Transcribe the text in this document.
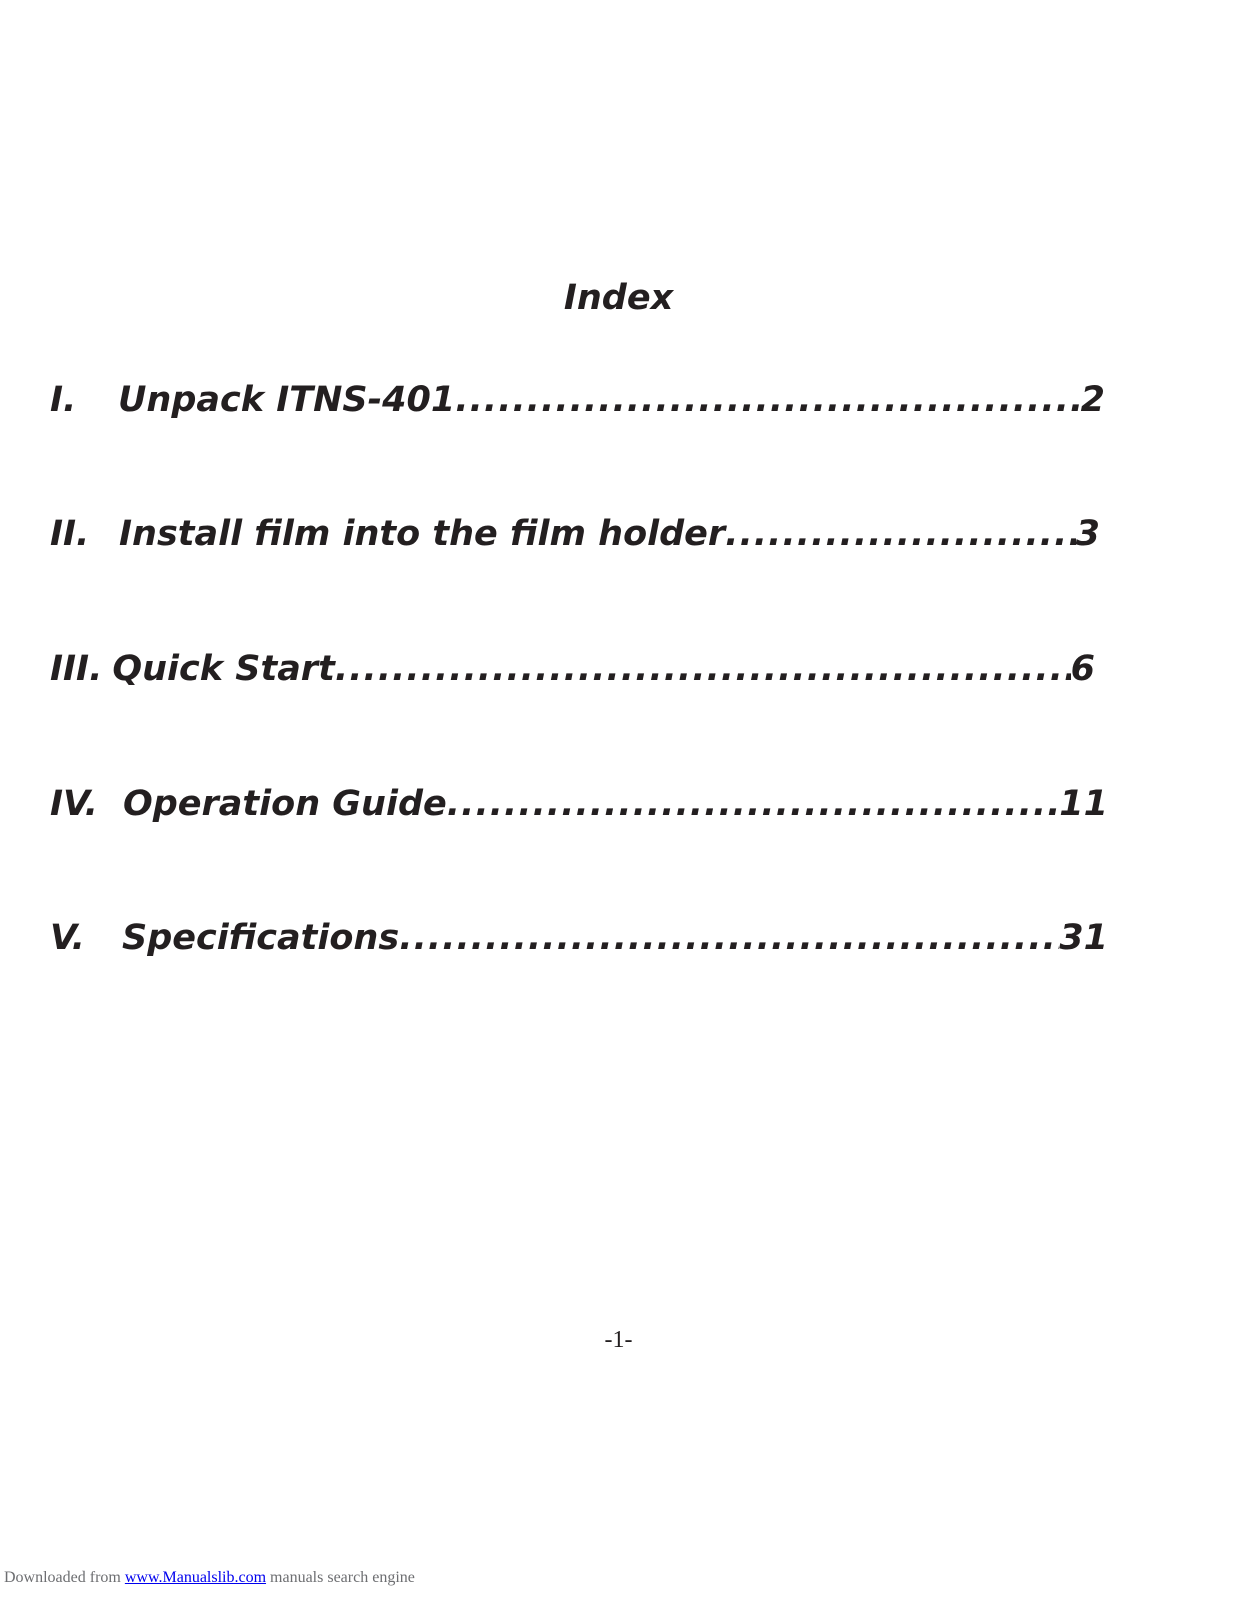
Index
I.	Unpack ITNS-401 .....	2
II. Install film into the film holder .....	3
III. Quick Start .....	6
IV. Operation Guide .....	11
V.	Specifications .....	31
-1-
Downloaded from www.Manualslib.com manuals search engine
